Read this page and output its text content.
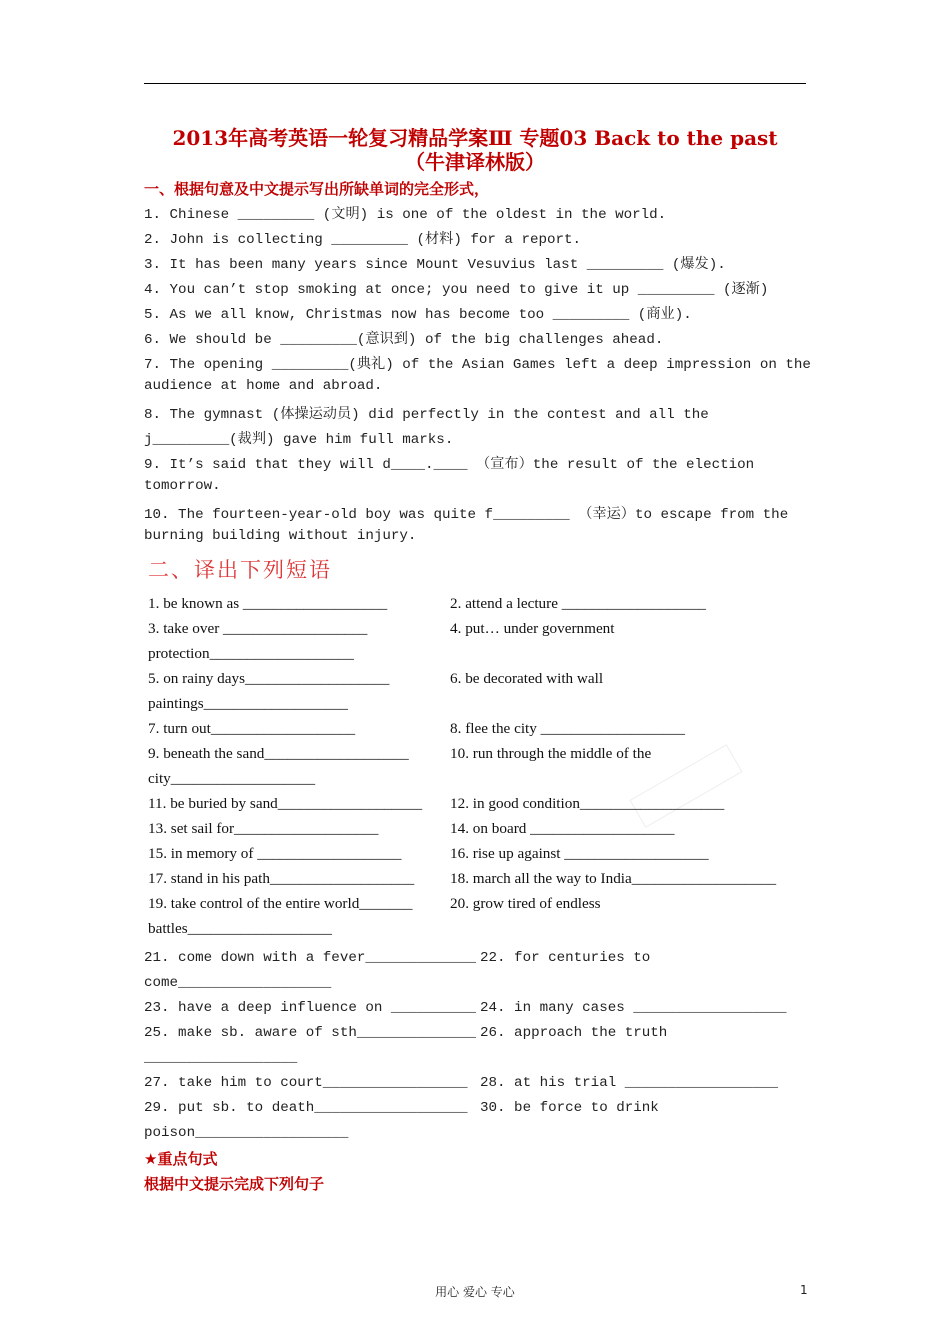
2013年高考英语一轮复习精品学案Ⅲ 专题03 Back to the past
（牛津译林版）
一、根据句意及中文提示写出所缺单词的完全形式，
1. Chinese _________ (文明) is one of the oldest in the world.
2. John is collecting _________ (材料) for a report.
3. It has been many years since Mount Vesuvius last _________ (爆发).
4. You can’t stop smoking at once; you need to give it up _________ (逐渐)
5. As we all know, Christmas now has become too _________ (商业).
6. We should be _________(意识到) of the big challenges ahead.
7. The opening _________(典礼) of the Asian Games left a deep impression on the
audience at home and abroad.
8. The gymnast (体操运动员) did perfectly in the contest and all the
j_________(裁判) gave him full marks.
9. It’s said that they will d____.____ （宣布）the result of the election
tomorrow.
10. The fourteen-year-old boy was quite f_________ （幸运）to escape from the
burning building without injury.
二、译出下列短语
1. be known as ___________________	2. attend a lecture ___________________
3. take over ___________________	4. put… under government
protection___________________
5. on rainy days___________________	6. be decorated with wall
paintings___________________
7. turn out___________________	8. flee the city ___________________
9. beneath the sand___________________	10. run through the middle of the
city___________________
11. be buried by sand___________________ 12. in good condition___________________
13. set sail for___________________	14. on board ___________________
15. in memory of ___________________	16. rise up against ___________________
17. stand in his path___________________ 18. march all the way to India___________________
19. take control of the entire world_______ 20. grow tired of endless
battles___________________
21. come down with a fever_____________ 22. for centuries to
come__________________
23. have a deep influence on __________ 24. in many cases __________________
25. make sb. aware of sth______________ 26. approach the truth
__________________
27. take him to court_________________ 28. at his trial __________________
29. put sb. to death__________________ 30. be force to drink
poison__________________
★重点句式
根据中文提示完成下列句子
用心 爱心 专心	1
